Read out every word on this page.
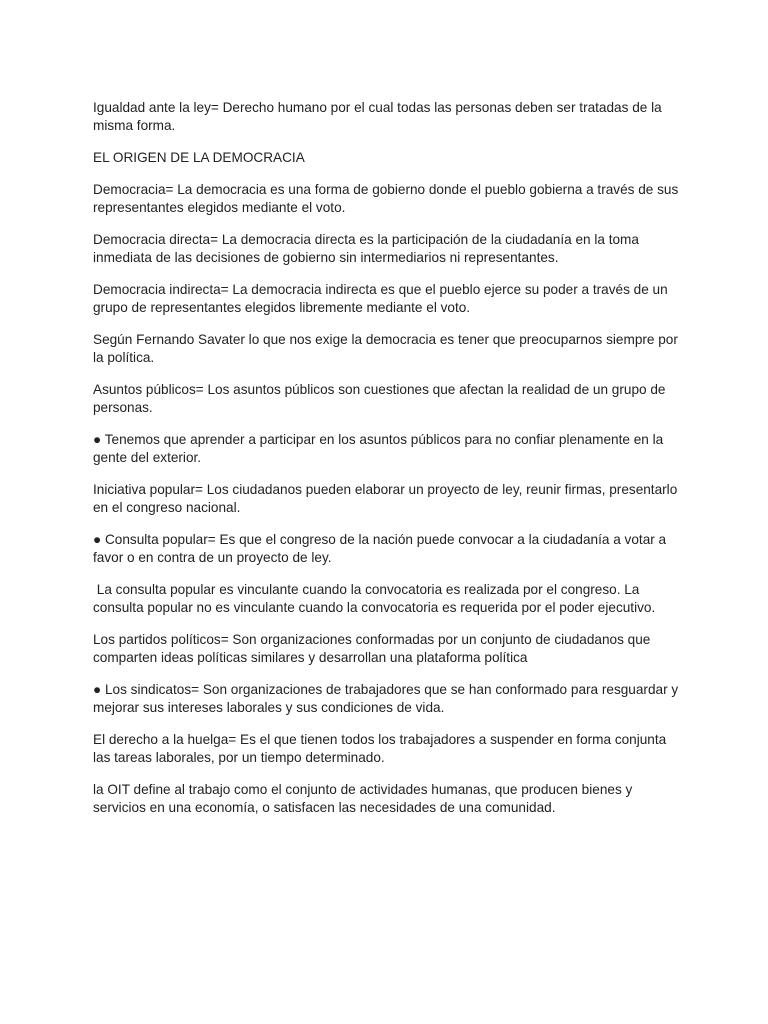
Igualdad ante la ley= Derecho humano por el cual todas las personas deben ser tratadas de la misma forma.

EL ORIGEN DE LA DEMOCRACIA

Democracia= La democracia es una forma de gobierno donde el pueblo gobierna a través de sus representantes elegidos mediante el voto.

Democracia directa= La democracia directa es la participación de la ciudadanía en la toma inmediata de las decisiones de gobierno sin intermediarios ni representantes.

Democracia indirecta= La democracia indirecta es que el pueblo ejerce su poder a través de un grupo de representantes elegidos libremente mediante el voto.

Según Fernando Savater lo que nos exige la democracia es tener que preocuparnos siempre por la política.

Asuntos públicos= Los asuntos públicos son cuestiones que afectan la realidad de un grupo de personas.

● Tenemos que aprender a participar en los asuntos públicos para no confiar plenamente en la gente del exterior.

Iniciativa popular= Los ciudadanos pueden elaborar un proyecto de ley, reunir firmas, presentarlo en el congreso nacional.

● Consulta popular= Es que el congreso de la nación puede convocar a la ciudadanía a votar a favor o en contra de un proyecto de ley.

La consulta popular es vinculante cuando la convocatoria es realizada por el congreso. La consulta popular no es vinculante cuando la convocatoria es requerida por el poder ejecutivo.

Los partidos políticos= Son organizaciones conformadas por un conjunto de ciudadanos que comparten ideas políticas similares y desarrollan una plataforma política

● Los sindicatos= Son organizaciones de trabajadores que se han conformado para resguardar y mejorar sus intereses laborales y sus condiciones de vida.

El derecho a la huelga= Es el que tienen todos los trabajadores a suspender en forma conjunta las tareas laborales, por un tiempo determinado.

la OIT define al trabajo como el conjunto de actividades humanas, que producen bienes y servicios en una economía, o satisfacen las necesidades de una comunidad.
